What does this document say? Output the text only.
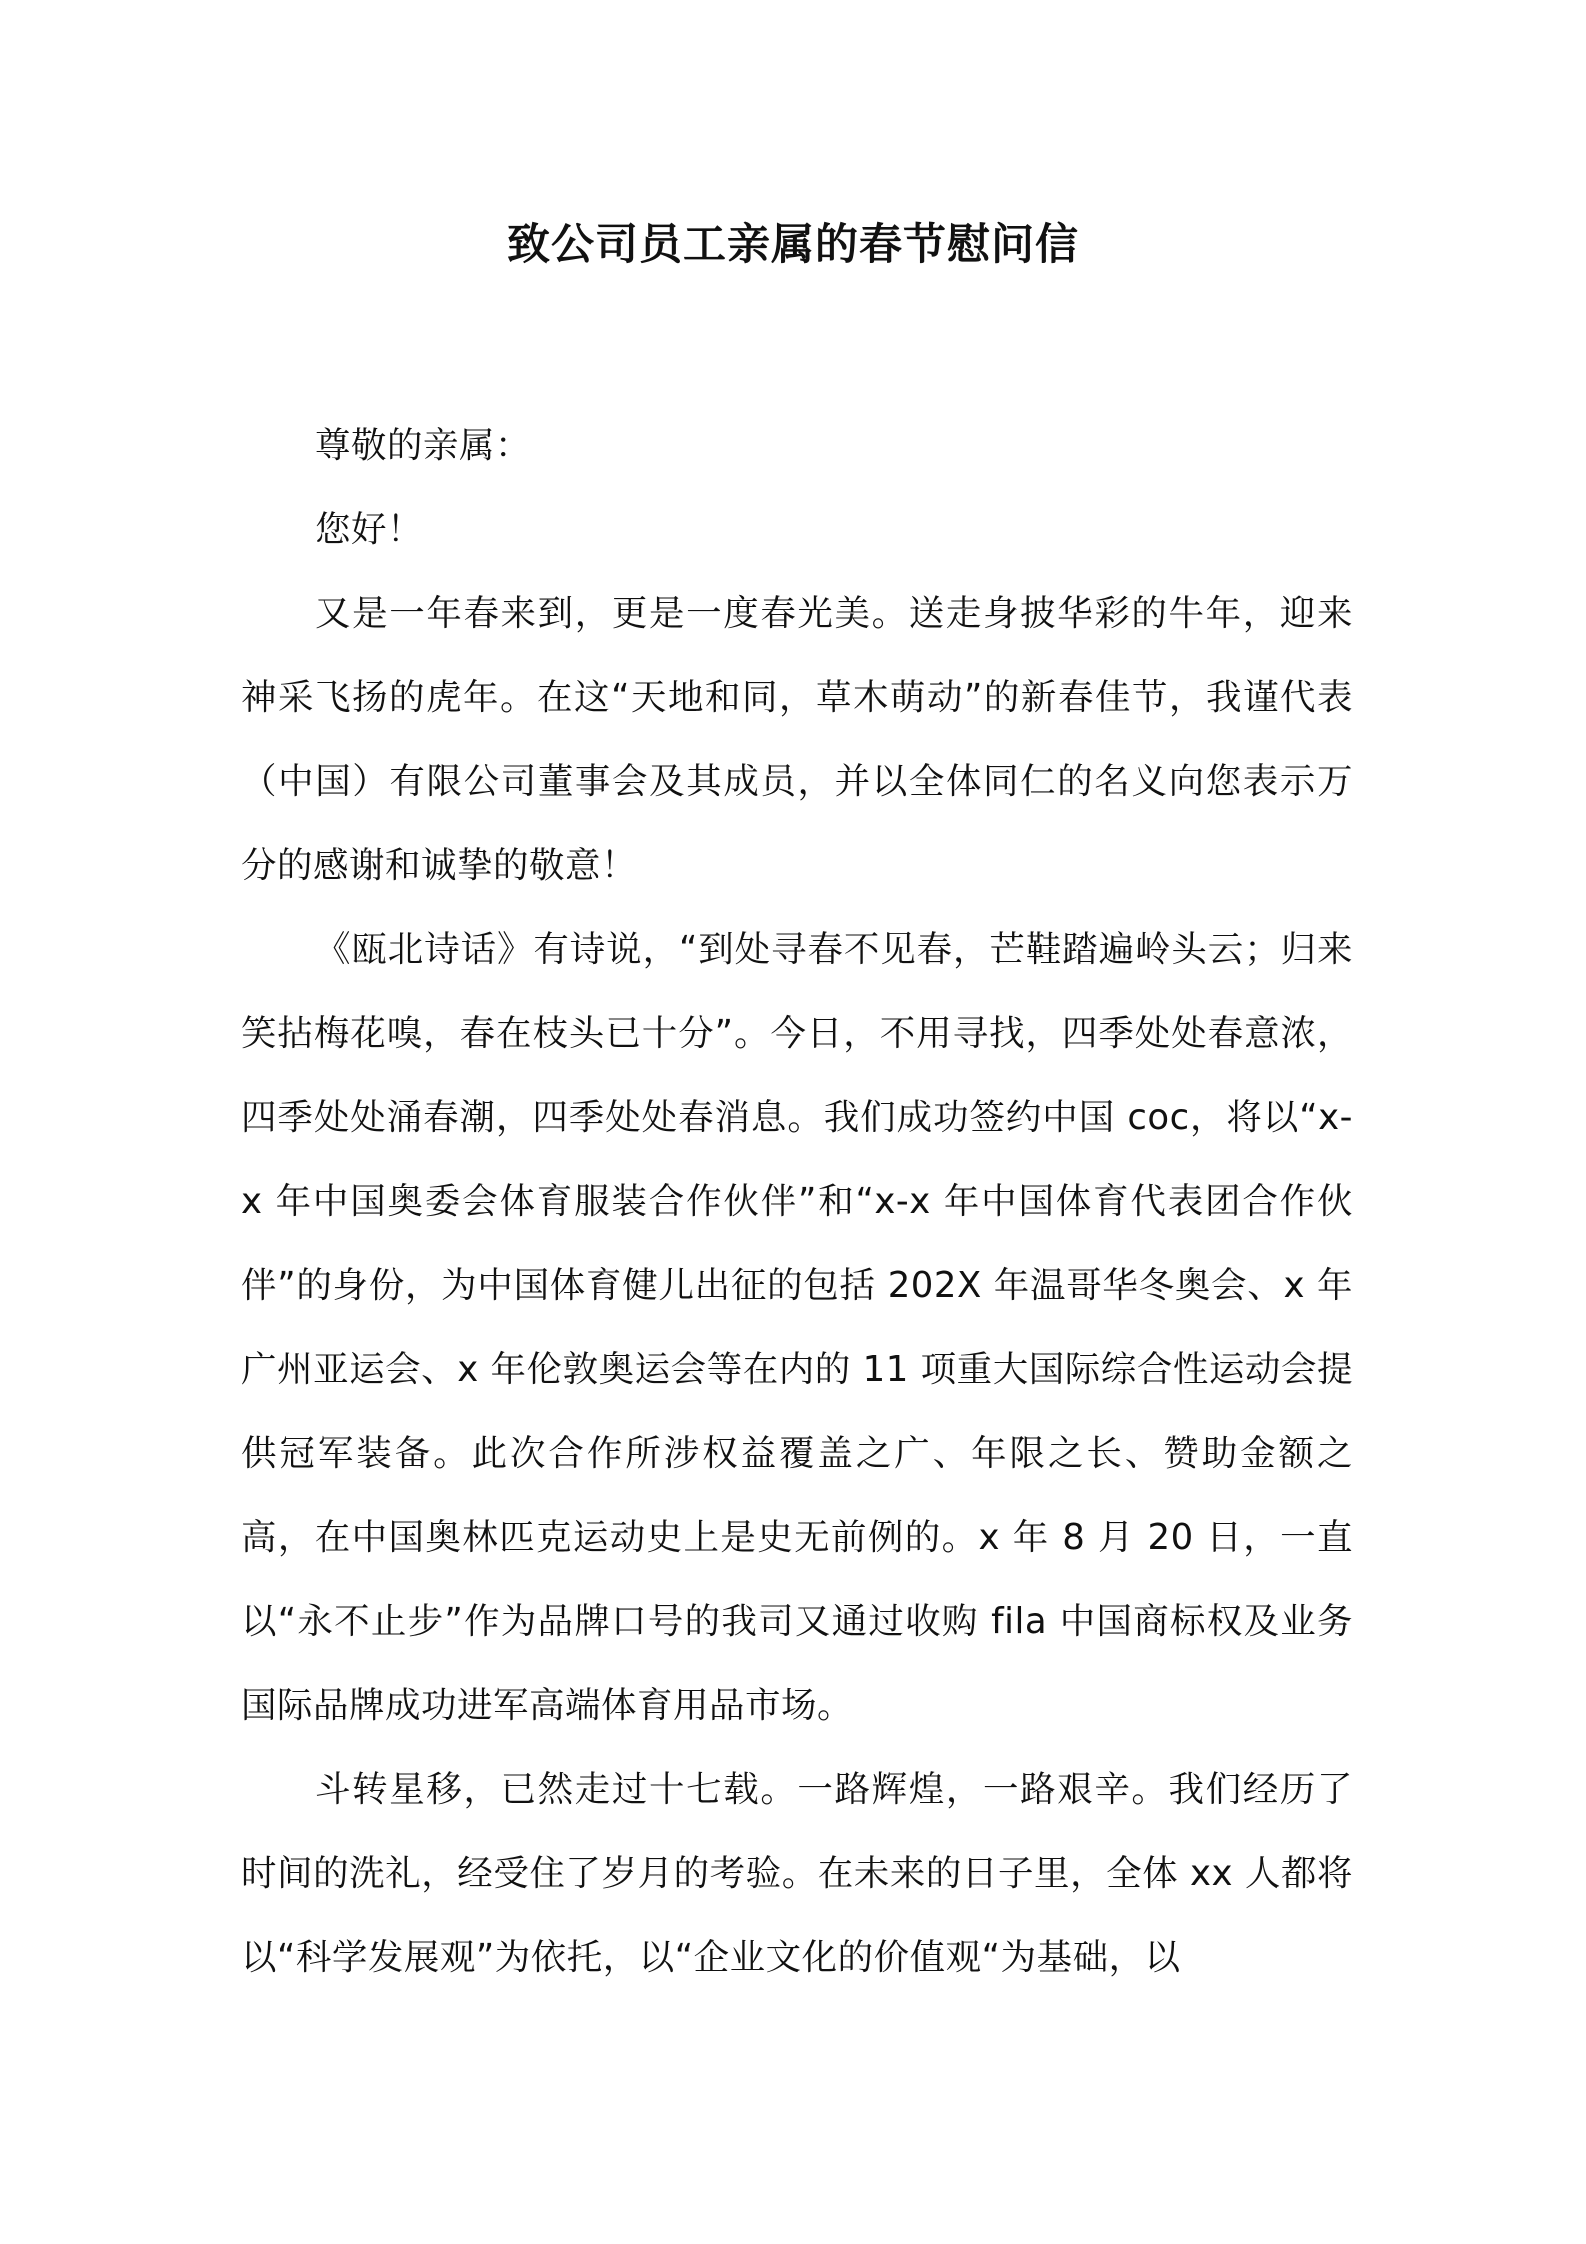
致公司员工亲属的春节慰问信

尊敬的亲属：

您好！

又是一年春来到，更是一度春光美。送走身披华彩的牛年，迎来神采飞扬的虎年。在这“天地和同，草木萌动”的新春佳节，我谨代表（中国）有限公司董事会及其成员，并以全体同仁的名义向您表示万分的感谢和诚挚的敬意！

《瓯北诗话》有诗说，“到处寻春不见春，芒鞋踏遍岭头云；归来笑拈梅花嗅，春在枝头已十分”。今日，不用寻找，四季处处春意浓，四季处处涌春潮，四季处处春消息。我们成功签约中国 coc，将以“x-x 年中国奥委会体育服装合作伙伴”和“x-x 年中国体育代表团合作伙伴”的身份，为中国体育健儿出征的包括 202X 年温哥华冬奥会、x 年广州亚运会、x 年伦敦奥运会等在内的 11 项重大国际综合性运动会提供冠军装备。此次合作所涉权益覆盖之广、年限之长、赞助金额之高，在中国奥林匹克运动史上是史无前例的。x 年 8 月 20 日，一直以“永不止步”作为品牌口号的我司又通过收购 fila 中国商标权及业务国际品牌成功进军高端体育用品市场。

斗转星移，已然走过十七载。一路辉煌，一路艰辛。我们经历了时间的洗礼，经受住了岁月的考验。在未来的日子里，全体 xx 人都将以“科学发展观”为依托，以“企业文化的价值观“为基础，以
